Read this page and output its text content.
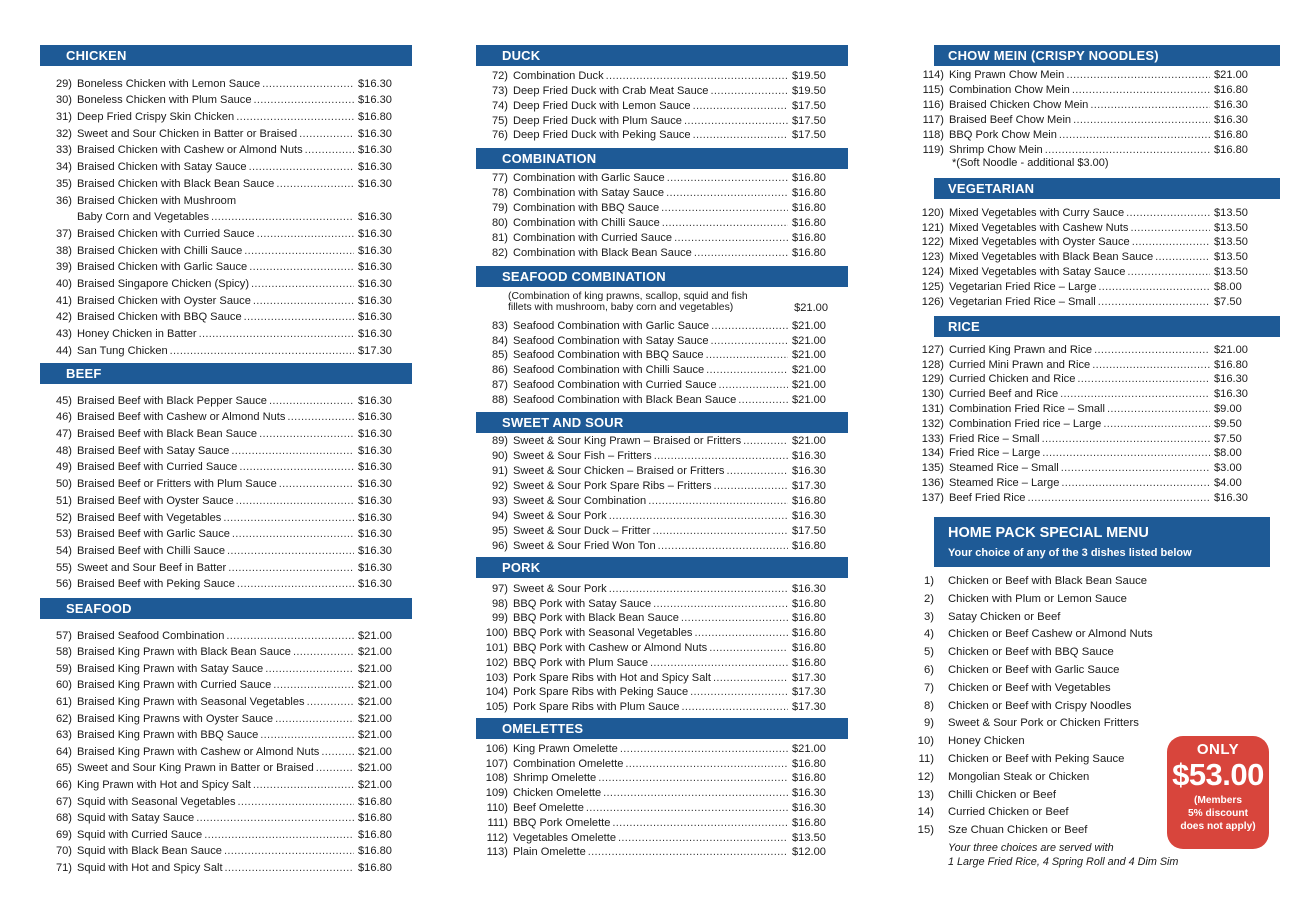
CHICKEN
29) Boneless Chicken with Lemon Sauce .....	$16.30
30) Boneless Chicken with Plum Sauce .....	$16.30
31) Deep Fried Crispy Skin Chicken .....	$16.80
32) Sweet and Sour Chicken in Batter or Braised .....	$16.30
33) Braised Chicken with Cashew or Almond Nuts .....	$16.30
34) Braised Chicken with Satay Sauce .....	$16.30
35) Braised Chicken with Black Bean Sauce .....	$16.30
36) Braised Chicken with Mushroom
Baby Corn and Vegetables .....	$16.30
37) Braised Chicken with Curried Sauce .....	$16.30
38) Braised Chicken with Chilli Sauce .....	$16.30
39) Braised Chicken with Garlic Sauce .....	$16.30
40) Braised Singapore Chicken (Spicy) .....	$16.30
41) Braised Chicken with Oyster Sauce .....	$16.30
42) Braised Chicken with BBQ Sauce .....	$16.30
43) Honey Chicken in Batter .....	$16.30
44) San Tung Chicken .....	$17.30
BEEF
45) Braised Beef with Black Pepper Sauce .....	$16.30
46) Braised Beef with Cashew or Almond Nuts .....	$16.30
47) Braised Beef with Black Bean Sauce .....	$16.30
48) Braised Beef with Satay Sauce .....	$16.30
49) Braised Beef with Curried Sauce .....	$16.30
50) Braised Beef or Fritters with Plum Sauce .....	$16.30
51) Braised Beef with Oyster Sauce .....	$16.30
52) Braised Beef with Vegetables .....	$16.30
53) Braised Beef with Garlic Sauce .....	$16.30
54) Braised Beef with Chilli Sauce .....	$16.30
55) Sweet and Sour Beef in Batter .....	$16.30
56) Braised Beef with Peking Sauce .....	$16.30
SEAFOOD
57) Braised Seafood Combination .....	$21.00
58) Braised King Prawn with Black Bean Sauce .....	$21.00
59) Braised King Prawn with Satay Sauce .....	$21.00
60) Braised King Prawn with Curried Sauce .....	$21.00
61) Braised King Prawn with Seasonal Vegetables .....	$21.00
62) Braised King Prawns with Oyster Sauce .....	$21.00
63) Braised King Prawn with BBQ Sauce .....	$21.00
64) Braised King Prawn with Cashew or Almond Nuts .....	$21.00
65) Sweet and Sour King Prawn in Batter or Braised .....	$21.00
66) King Prawn with Hot and Spicy Salt .....	$21.00
67) Squid with Seasonal Vegetables .....	$16.80
68) Squid with Satay Sauce .....	$16.80
69) Squid with Curried Sauce .....	$16.80
70) Squid with Black Bean Sauce .....	$16.80
71) Squid with Hot and Spicy Salt .....	$16.80
DUCK
72) Combination Duck .....	$19.50
73) Deep Fried Duck with Crab Meat Sauce .....	$19.50
74) Deep Fried Duck with Lemon Sauce .....	$17.50
75) Deep Fried Duck with Plum Sauce .....	$17.50
76) Deep Fried Duck with Peking Sauce .....	$17.50
COMBINATION
77) Combination with Garlic Sauce .....	$16.80
78) Combination with Satay Sauce .....	$16.80
79) Combination with BBQ Sauce .....	$16.80
80) Combination with Chilli Sauce .....	$16.80
81) Combination with Curried Sauce .....	$16.80
82) Combination with Black Bean Sauce .....	$16.80
SEAFOOD COMBINATION
(Combination of king prawns, scallop, squid and fish
fillets with mushroom, baby corn and vegetables)	$21.00
83) Seafood Combination with Garlic Sauce .....	$21.00
84) Seafood Combination with Satay Sauce .....	$21.00
85) Seafood Combination with BBQ Sauce .....	$21.00
86) Seafood Combination with Chilli Sauce .....	$21.00
87) Seafood Combination with Curried Sauce .....	$21.00
88) Seafood Combination with Black Bean Sauce .....	$21.00
SWEET AND SOUR
89) Sweet & Sour King Prawn – Braised or Fritters .....	$21.00
90) Sweet & Sour Fish – Fritters .....	$16.30
91) Sweet & Sour Chicken – Braised or Fritters .....	$16.30
92) Sweet & Sour Pork Spare Ribs – Fritters .....	$17.30
93) Sweet & Sour Combination .....	$16.80
94) Sweet & Sour Pork .....	$16.30
95) Sweet & Sour Duck – Fritter .....	$17.50
96) Sweet & Sour Fried Won Ton .....	$16.80
PORK
97) Sweet & Sour Pork .....	$16.30
98) BBQ Pork with Satay Sauce .....	$16.80
99) BBQ Pork with Black Bean Sauce .....	$16.80
100) BBQ Pork with Seasonal Vegetables .....	$16.80
101) BBQ Pork with Cashew or Almond Nuts .....	$16.80
102) BBQ Pork with Plum Sauce .....	$16.80
103) Pork Spare Ribs with Hot and Spicy Salt .....	$17.30
104) Pork Spare Ribs with Peking Sauce .....	$17.30
105) Pork Spare Ribs with Plum Sauce .....	$17.30
OMELETTES
106) King Prawn Omelette .....	$21.00
107) Combination Omelette .....	$16.80
108) Shrimp Omelette .....	$16.80
109) Chicken Omelette .....	$16.30
110) Beef Omelette .....	$16.30
111) BBQ Pork Omelette .....	$16.80
112) Vegetables Omelette .....	$13.50
113) Plain Omelette .....	$12.00
CHOW MEIN (CRISPY NOODLES)
114) King Prawn Chow Mein .....	$21.00
115) Combination Chow Mein .....	$16.80
116) Braised Chicken Chow Mein .....	$16.30
117) Braised Beef Chow Mein .....	$16.30
118) BBQ Pork Chow Mein .....	$16.80
119) Shrimp Chow Mein .....	$16.80
*(Soft Noodle - additional $3.00)
VEGETARIAN
120) Mixed Vegetables with Curry Sauce .....	$13.50
121) Mixed Vegetables with Cashew Nuts .....	$13.50
122) Mixed Vegetables with Oyster Sauce .....	$13.50
123) Mixed Vegetables with Black Bean Sauce .....	$13.50
124) Mixed Vegetables with Satay Sauce .....	$13.50
125) Vegetarian Fried Rice – Large .....	$8.00
126) Vegetarian Fried Rice – Small .....	$7.50
RICE
127) Curried King Prawn and Rice .....	$21.00
128) Curried Mini Prawn and Rice .....	$16.80
129) Curried Chicken and Rice .....	$16.30
130) Curried Beef and Rice .....	$16.30
131) Combination Fried Rice – Small .....	$9.00
132) Combination Fried rice – Large .....	$9.50
133) Fried Rice – Small .....	$7.50
134) Fried Rice – Large .....	$8.00
135) Steamed Rice – Small .....	$3.00
136) Steamed Rice – Large .....	$4.00
137) Beef Fried Rice .....	$16.30
HOME PACK SPECIAL MENU
Your choice of any of the 3 dishes listed below
1)	Chicken or Beef with Black Bean Sauce
2)	Chicken with Plum or Lemon Sauce
3)	Satay Chicken or Beef
4)	Chicken or Beef Cashew or Almond Nuts
5)	Chicken or Beef with BBQ Sauce
6)	Chicken or Beef with Garlic Sauce
7)	Chicken or Beef with Vegetables
8)	Chicken or Beef with Crispy Noodles
9)	Sweet & Sour Pork or Chicken Fritters
10)	Honey Chicken
11)	Chicken or Beef with Peking Sauce
12)	Mongolian Steak or Chicken
13)	Chilli Chicken or Beef
14)	Curried Chicken or Beef
15)	Sze Chuan Chicken or Beef
Your three choices are served with
1 Large Fried Rice, 4 Spring Roll and 4 Dim Sim
ONLY
$53.00
(Members
5% discount
does not apply)
